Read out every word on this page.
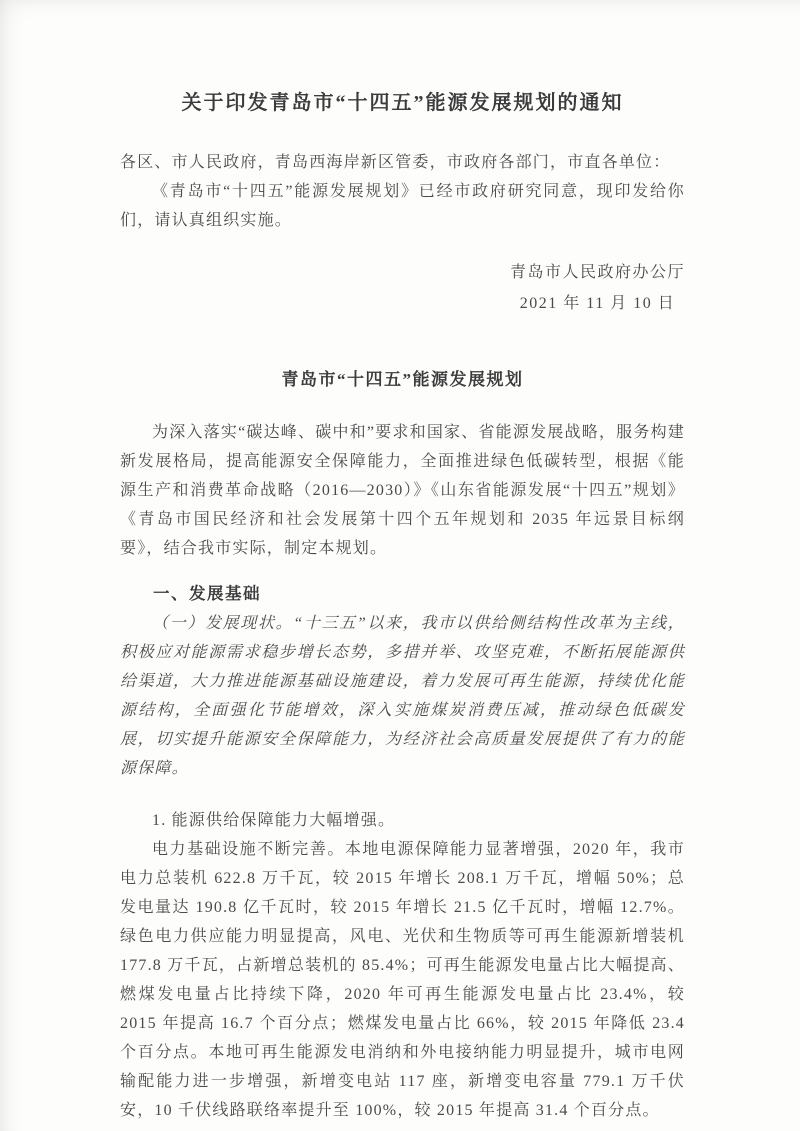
关于印发青岛市“十四五”能源发展规划的通知

各区、市人民政府，青岛西海岸新区管委，市政府各部门，市直各单位：

《青岛市“十四五”能源发展规划》已经市政府研究同意，现印发给你们，请认真组织实施。

青岛市人民政府办公厅
2021 年 11 月 10 日
青岛市“十四五”能源发展规划

为深入落实“碳达峰、碳中和”要求和国家、省能源发展战略，服务构建新发展格局，提高能源安全保障能力，全面推进绿色低碳转型，根据《能源生产和消费革命战略（2016—2030）》《山东省能源发展“十四五”规划》《青岛市国民经济和社会发展第十四个五年规划和 2035 年远景目标纲要》，结合我市实际，制定本规划。

一、发展基础

（一）发展现状。“十三五”以来，我市以供给侧结构性改革为主线，积极应对能源需求稳步增长态势，多措并举、攻坚克难，不断拓展能源供给渠道，大力推进能源基础设施建设，着力发展可再生能源，持续优化能源结构，全面强化节能增效，深入实施煤炭消费压减，推动绿色低碳发展，切实提升能源安全保障能力，为经济社会高质量发展提供了有力的能源保障。

1. 能源供给保障能力大幅增强。

电力基础设施不断完善。本地电源保障能力显著增强，2020 年，我市电力总装机 622.8 万千瓦，较 2015 年增长 208.1 万千瓦，增幅 50%；总发电量达 190.8 亿千瓦时，较 2015 年增长 21.5 亿千瓦时，增幅 12.7%。绿色电力供应能力明显提高，风电、光伏和生物质等可再生能源新增装机 177.8 万千瓦，占新增总装机的 85.4%；可再生能源发电量占比大幅提高、燃煤发电量占比持续下降，2020 年可再生能源发电量占比 23.4%，较 2015 年提高 16.7 个百分点；燃煤发电量占比 66%，较 2015 年降低 23.4 个百分点。本地可再生能源发电消纳和外电接纳能力明显提升，城市电网输配能力进一步增强，新增变电站 117 座，新增变电容量 779.1 万千伏安，10 千伏线路联络率提升至 100%，较 2015 年提高 31.4 个百分点。
